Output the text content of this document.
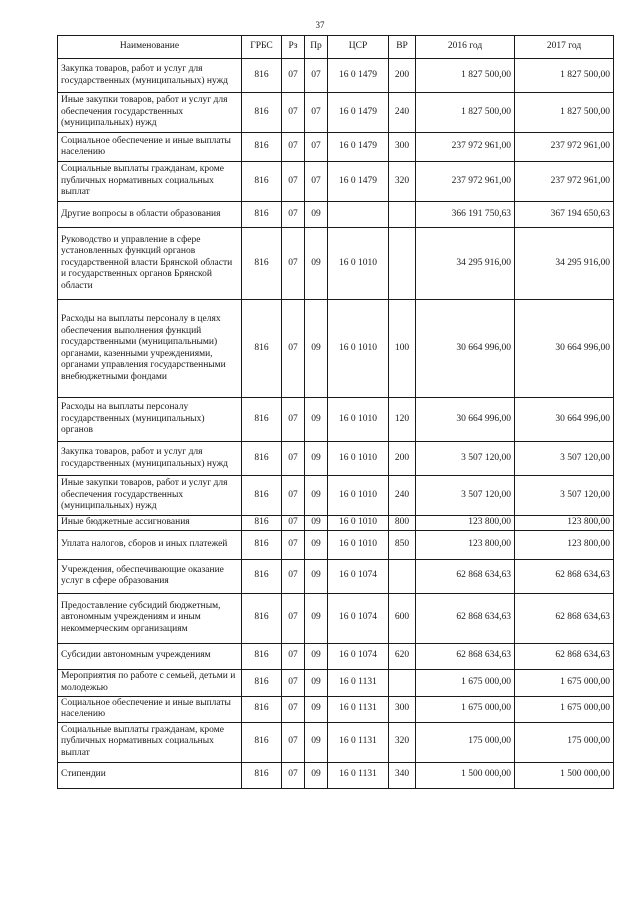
37
Наименование	ГРБС	Рз	Пр	ЦСР	ВР	2016 год	2017 год
Закупка товаров, работ и услуг для государственных (муниципальных) нужд	816	07	07	16 0 1479	200	1 827 500,00	1 827 500,00
Иные закупки товаров, работ и услуг для обеспечения государственных (муниципальных) нужд	816	07	07	16 0 1479	240	1 827 500,00	1 827 500,00
Социальное обеспечение и иные выплаты населению	816	07	07	16 0 1479	300	237 972 961,00	237 972 961,00
Социальные выплаты гражданам, кроме публичных нормативных социальных выплат	816	07	07	16 0 1479	320	237 972 961,00	237 972 961,00
Другие вопросы в области образования	816	07	09			366 191 750,63	367 194 650,63
Руководство и управление в сфере установленных функций органов государственной власти Брянской области и государственных органов Брянской области	816	07	09	16 0 1010		34 295 916,00	34 295 916,00
Расходы на выплаты персоналу в целях обеспечения выполнения функций государственными (муниципальными) органами, казенными учреждениями, органами управления государственными внебюджетными фондами	816	07	09	16 0 1010	100	30 664 996,00	30 664 996,00
Расходы на выплаты персоналу государственных (муниципальных) органов	816	07	09	16 0 1010	120	30 664 996,00	30 664 996,00
Закупка товаров, работ и услуг для государственных (муниципальных) нужд	816	07	09	16 0 1010	200	3 507 120,00	3 507 120,00
Иные закупки товаров, работ и услуг для обеспечения государственных (муниципальных) нужд	816	07	09	16 0 1010	240	3 507 120,00	3 507 120,00
Иные бюджетные ассигнования	816	07	09	16 0 1010	800	123 800,00	123 800,00
Уплата налогов, сборов и иных платежей	816	07	09	16 0 1010	850	123 800,00	123 800,00
Учреждения, обеспечивающие оказание услуг в сфере образования	816	07	09	16 0 1074		62 868 634,63	62 868 634,63
Предоставление субсидий бюджетным, автономным учреждениям и иным некоммерческим организациям	816	07	09	16 0 1074	600	62 868 634,63	62 868 634,63
Субсидии автономным учреждениям	816	07	09	16 0 1074	620	62 868 634,63	62 868 634,63
Мероприятия по работе с семьей, детьми и молодежью	816	07	09	16 0 1131		1 675 000,00	1 675 000,00
Социальное обеспечение и иные выплаты населению	816	07	09	16 0 1131	300	1 675 000,00	1 675 000,00
Социальные выплаты гражданам, кроме публичных нормативных социальных выплат	816	07	09	16 0 1131	320	175 000,00	175 000,00
Стипендии	816	07	09	16 0 1131	340	1 500 000,00	1 500 000,00
